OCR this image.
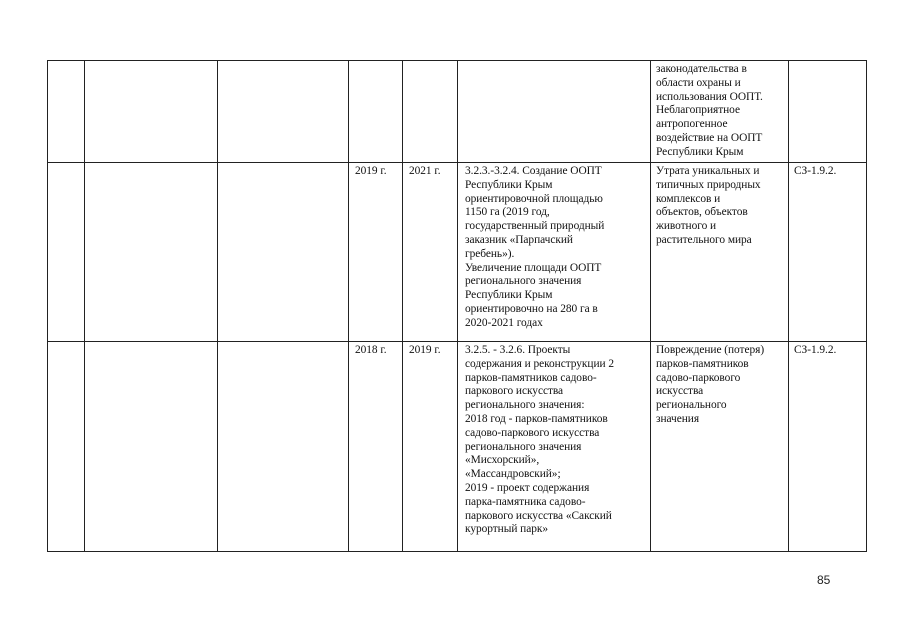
законодательства в
области охраны и
использования ООПТ.
Неблагоприятное
антропогенное
воздействие на ООПТ
Республики Крым
2019 г. 2021 г. 3.2.3.-3.2.4. Создание ООПТ
Республики Крым
ориентировочной площадью
1150 га (2019 год,
государственный природный
заказник «Парпачский
гребень»).
Увеличение площади ООПТ
регионального значения
Республики Крым
ориентировочно на 280 га в
2020-2021 годах
Утрата уникальных и
типичных природных
комплексов и
объектов, объектов
животного и
растительного мира
СЗ-1.9.2.
2018 г. 2019 г. 3.2.5. - 3.2.6. Проекты
содержания и реконструкции 2
парков-памятников садово-
паркового искусства
регионального значения:
2018 год - парков-памятников
садово-паркового искусства
регионального значения
«Мисхорский»,
«Массандровский»;
2019 - проект содержания
парка-памятника садово-
паркового искусства «Сакский
курортный парк»
Повреждение (потеря)
парков-памятников
садово-паркового
искусства
регионального
значения
СЗ-1.9.2.
85
